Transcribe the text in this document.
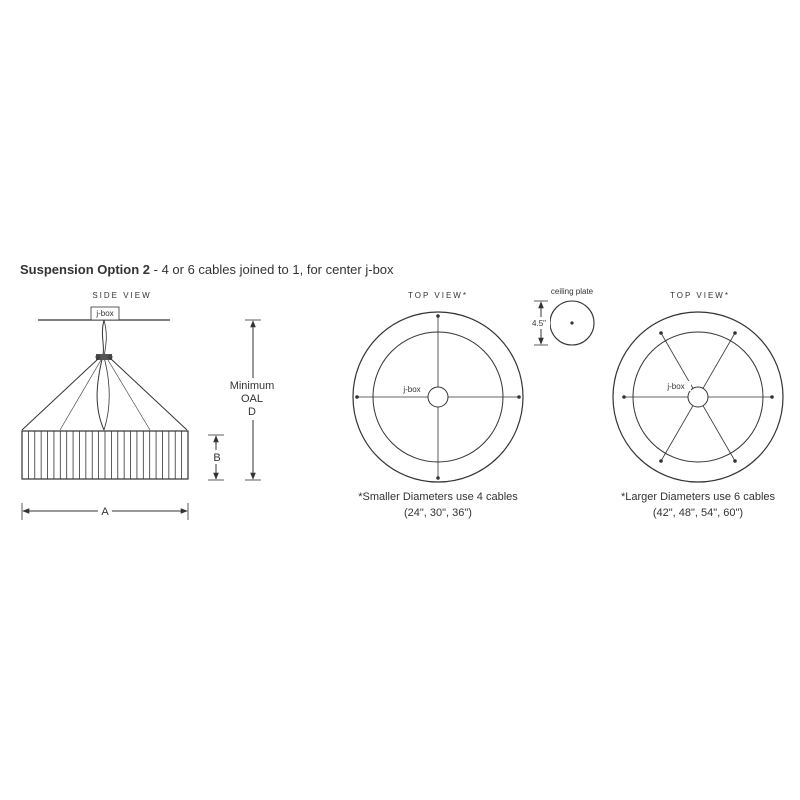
Suspension Option 2 - 4 or 6 cables joined to 1, for center j-box
SIDE VIEW
j-box
Minimum
OAL
D
B
A
TOP VIEW*
j-box
*Smaller Diameters use 4 cables
(24", 30", 36")
ceiling plate
4.5"
TOP VIEW*
j-box
*Larger Diameters use 6 cables
(42", 48", 54", 60")
